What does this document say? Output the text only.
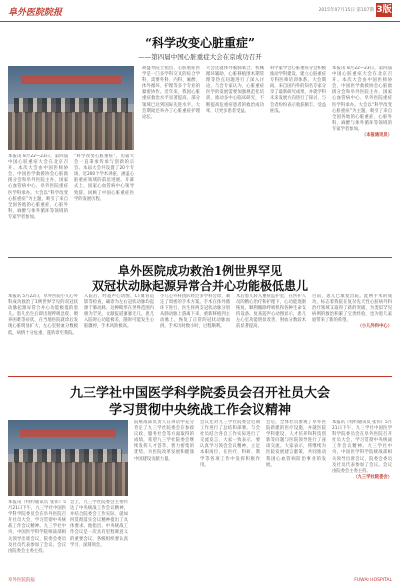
阜外医院院报	2015年07月15日 第107期 3版
“科学改变心脏重症”
——第四届中国心脏重症大会在京成功召开
本报讯 8月22—23日，第四届中国心脏重症大会在北京召开。本次大会由中国医师协会、中国医学救援协会心脏救援分会和阜外医院主办，国家心血管病中心、阜外医院重症医学科承办。大会以“科学改变心脏重症”为主题，吸引了来自全国各地的心脏重症、心脏外科、麻醉与体外循环等领域的专家学者参加。
“科学改变心脏重症”，历届大会一直秉承传承与创新的宗旨。本届大会共设置了20个专场，近200个学术讲座，涵盖心脏重症领域的前沿进展。开幕式上，国家心血管病中心领导致辞，回顾了中国心脏重症医学的发展历程。
胡盛寿院士指出，心脏重症医学是一门多学科交叉的综合学科，需要外科、内科、麻醉、体外循环、护理等多个专业的紧密协作。近年来，我国心脏重症救治水平显著提高，部分领域已达到国际先进水平。大会期间还举办了心脏重症护理论坛。
大会还就体外膜肺氧合、机械循环辅助、心脏移植围术期管理等热点问题进行了深入讨论。与会专家认为，心脏重症医学的发展需要加强规范化培训，推动多中心临床研究，不断提高危重症患者的救治成功率，让更多患者受益。
科学家学会心脏重症分会积极推动学科建设，建立心脏重症专科医师培训体系。大会期间，来自国内外的知名专家分享了最新研究成果，并就学科未来发展方向进行了探讨，与会者纷纷表示收获颇丰，受益匪浅。
本报讯 8月22—23日，第四届中国心脏重症大会在北京召开。本次大会由中国医师协会、中国医学救援协会心脏救援分会和阜外医院主办，国家心血管病中心、阜外医院重症医学科承办。大会以“科学改变心脏重症”为主题，吸引了来自全国各地的心脏重症、心脏外科、麻醉与体外循环等领域的专家学者参加。
（本报通讯员）
阜外医院成功救治1例世界罕见
双冠状动脉起源异常合并心功能极低患儿
本报讯 5月22日，阜外医院小儿心外科成功救治了1例世界罕见的双冠状动脉起源异常合并心功能极低的患儿。患儿出生后即出现呼吸急促、喂养困难等症状，在当地医院就诊后发现心脏明显扩大，左心室射血分数极低，病情十分危重，遂转诊至我院。
入院后，经超声心动图、CT血管造影等检查，确诊为左右冠状动脉均起源于肺动脉，这种畸形在世界范围内极为罕见，文献报道寥寥无几。患儿入院时心功能极差，随时可能发生心脏骤停，手术风险极高。
小儿心外科团队经过多学科会诊，制定了周密的手术方案。手术在体外循环下进行，医生将两支冠状动脉分别从肺动脉上游离下来，重新移植到主动脉上，恢复了正常的冠状动脉血供。手术历时数小时，过程顺利。
术后患儿转入重症监护室，在医护人员的精心治疗和护理下，心功能逐渐恢复，顺利撤除呼吸机和各种生命支持设备。复查超声心动图显示，患儿左心室功能明显改善，射血分数较术前显著提高。
目前，患儿已康复出院。此例手术的成功，标志着我院在复杂先天性心脏病外科治疗领域又取得了新的突破，为类似罕见病例的救治积累了宝贵经验，也为患儿家庭带来了新的希望。
（小儿外科中心）
九三学社中国医学科学院委员会召开社员大会
学习贯彻中央统战工作会议精神
本报讯（特约通讯员 张伟）5月21日下午，九三学社中国医学科学院委员会在阜外医院召开社员大会，学习贯彻中央统战工作会议精神。九三学社中央、中国医学科学院统战部相关领导出席会议，院委会委员及社员代表参加了会议。会议由院委会主委主持。
会上，九三学社院委会主委传达了中央统战工作会议精神，并结合院委会工作实际，就如何贯彻落实会议精神提出了具体要求。他指出，中央统战工作会议是一次具有里程碑意义的重要会议，各级组织要认真学习、深刻领会。
院统战部负责人在讲话中充分肯定了九三学社院委会在参政议政、服务社会等方面取得的成绩，希望九三学社院委会继续发挥人才荟萃、智力密集的优势，为医院改革发展和健康中国建设贡献力量。
会议还对九三学社院委会近期工作进行了总结和部署。与会社员结合各自工作实际进行了交流发言，大家一致表示，要认真学习领会会议精神，立足本职岗位，在医疗、科研、教学等各项工作中发挥积极作用。
会后，全体社员参观了阜外医院新建的医疗设施，并就医院学科建设、人才培养和科技创新等问题与医院领导进行了座谈交流。大家表示，将继续为医院发展建言献策，共同推动我国心血管病防治事业的发展。
本报讯（特约通讯员 张伟）5月21日下午，九三学社中国医学科学院委员会在阜外医院召开社员大会，学习贯彻中央统战工作会议精神。九三学社中央、中国医学科学院统战部相关领导出席会议，院委会委员及社员代表参加了会议。会议由院委会主委主持。
（九三学社院委会）
阜外医院院报	FUWAI HOSPITAL
